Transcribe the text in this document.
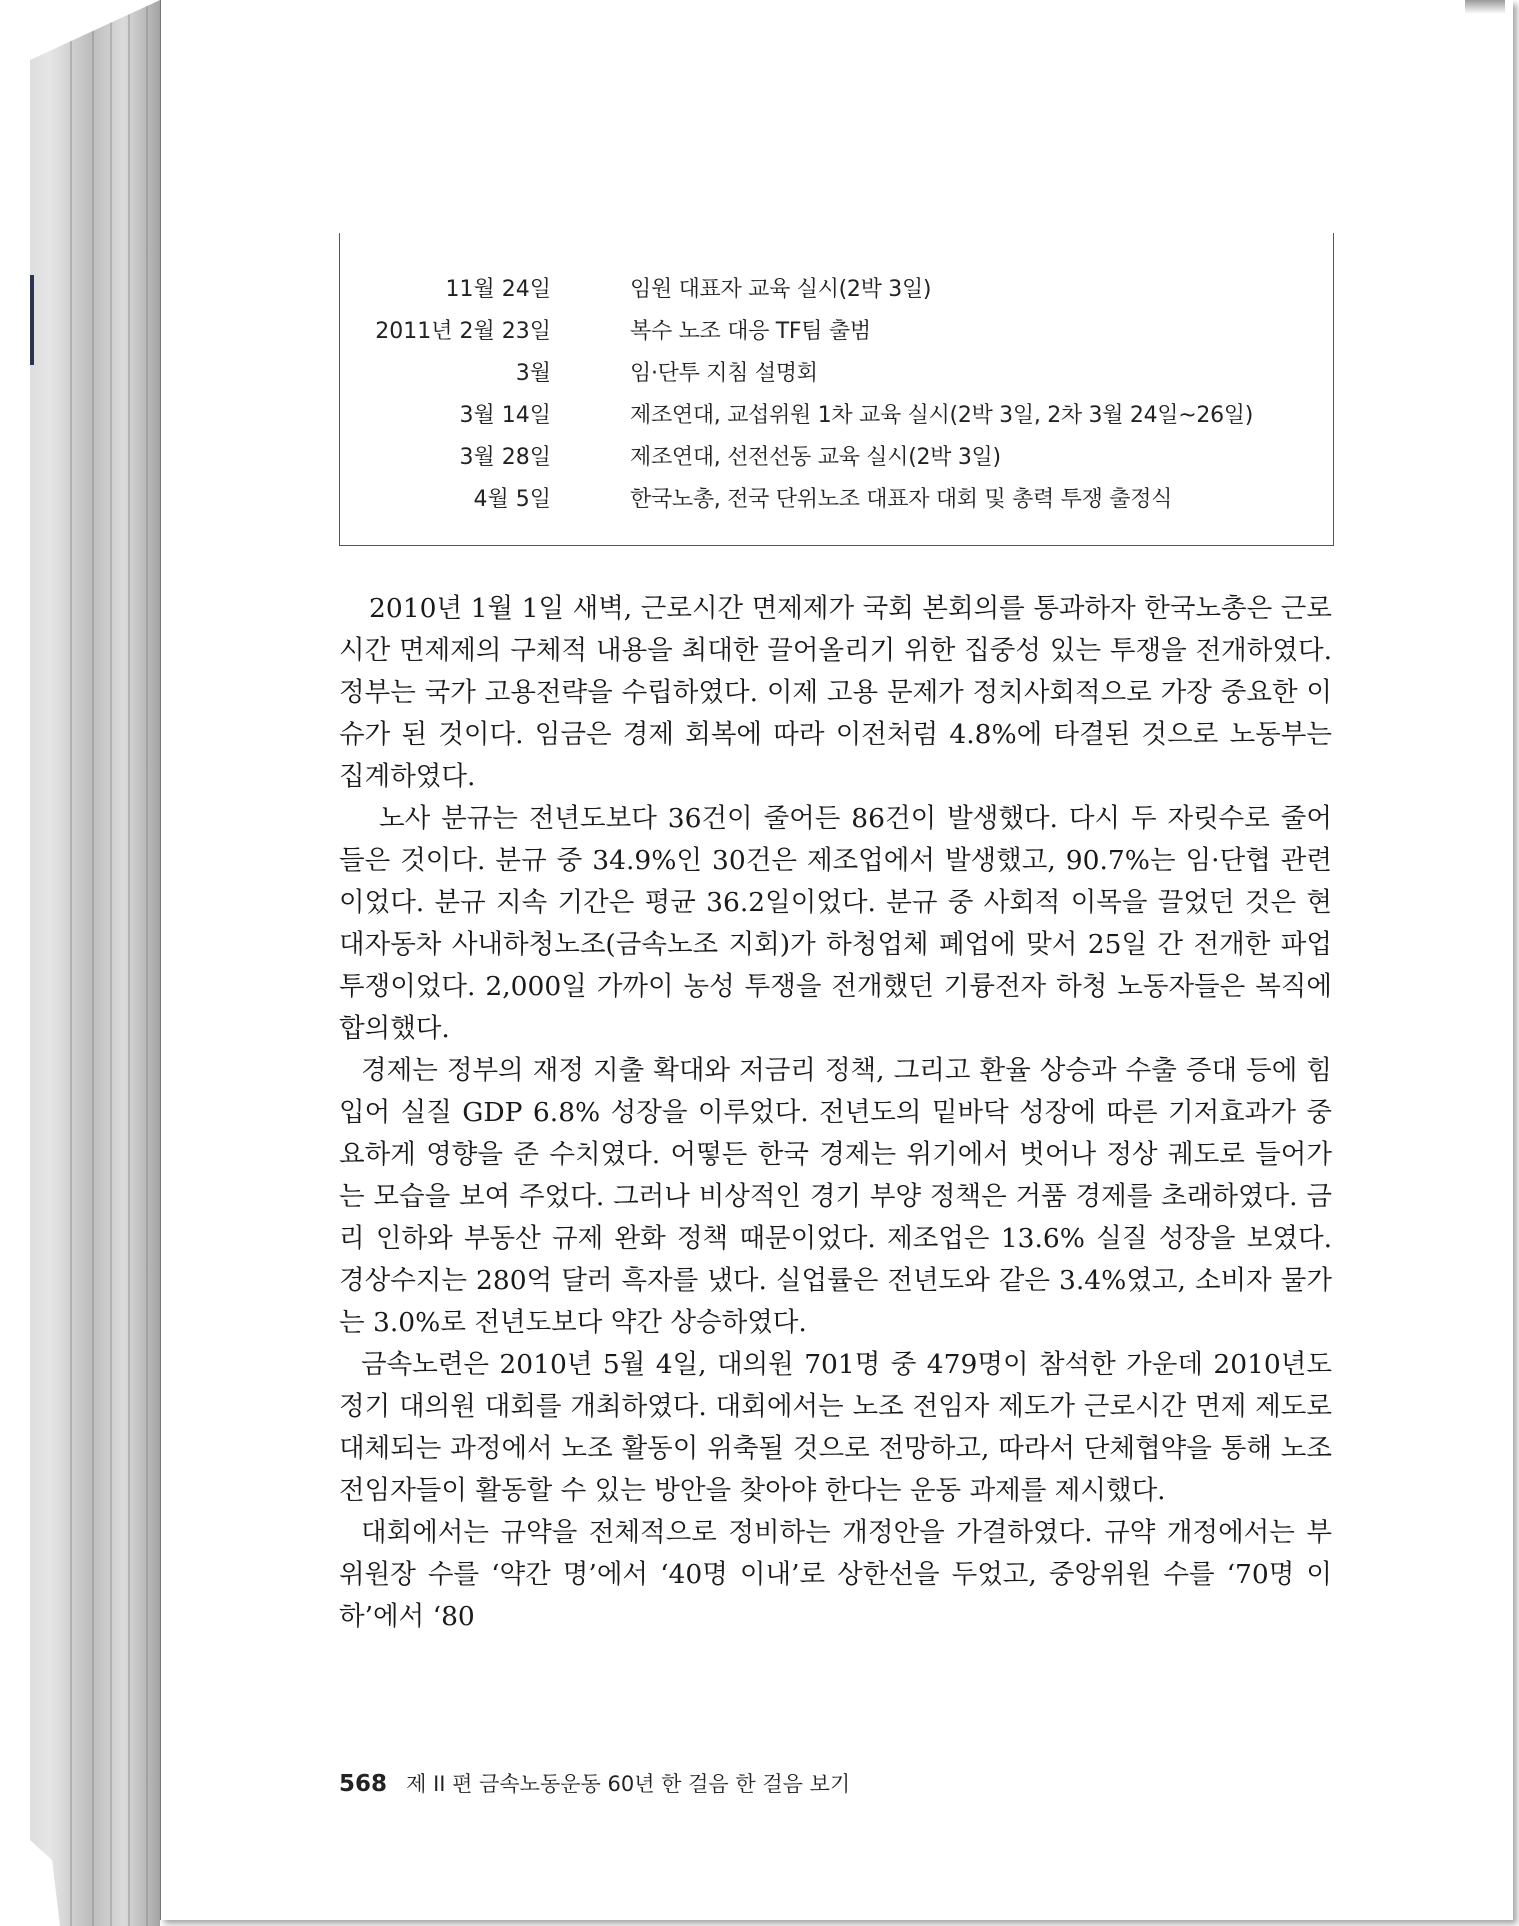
11월 24일	임원 대표자 교육 실시(2박 3일)
2011년 2월 23일	복수 노조 대응 TF팀 출범
3월	임·단투 지침 설명회
3월 14일	제조연대, 교섭위원 1차 교육 실시(2박 3일, 2차 3월 24일~26일)
3월 28일	제조연대, 선전선동 교육 실시(2박 3일)
4월 5일	한국노총, 전국 단위노조 대표자 대회 및 총력 투쟁 출정식

2010년 1월 1일 새벽, 근로시간 면제제가 국회 본회의를 통과하자 한국노총은 근로시간 면제제의 구체적 내용을 최대한 끌어올리기 위한 집중성 있는 투쟁을 전개하였다. 정부는 국가 고용전략을 수립하였다. 이제 고용 문제가 정치사회적으로 가장 중요한 이슈가 된 것이다. 임금은 경제 회복에 따라 이전처럼 4.8%에 타결된 것으로 노동부는 집계하였다.

노사 분규는 전년도보다 36건이 줄어든 86건이 발생했다. 다시 두 자릿수로 줄어들은 것이다. 분규 중 34.9%인 30건은 제조업에서 발생했고, 90.7%는 임·단협 관련이었다. 분규 지속 기간은 평균 36.2일이었다. 분규 중 사회적 이목을 끌었던 것은 현대자동차 사내하청노조(금속노조 지회)가 하청업체 폐업에 맞서 25일 간 전개한 파업 투쟁이었다. 2,000일 가까이 농성 투쟁을 전개했던 기륭전자 하청 노동자들은 복직에 합의했다.

경제는 정부의 재정 지출 확대와 저금리 정책, 그리고 환율 상승과 수출 증대 등에 힘입어 실질 GDP 6.8% 성장을 이루었다. 전년도의 밑바닥 성장에 따른 기저효과가 중요하게 영향을 준 수치였다. 어떻든 한국 경제는 위기에서 벗어나 정상 궤도로 들어가는 모습을 보여 주었다. 그러나 비상적인 경기 부양 정책은 거품 경제를 초래하였다. 금리 인하와 부동산 규제 완화 정책 때문이었다. 제조업은 13.6% 실질 성장을 보였다. 경상수지는 280억 달러 흑자를 냈다. 실업률은 전년도와 같은 3.4%였고, 소비자 물가는 3.0%로 전년도보다 약간 상승하였다.

금속노련은 2010년 5월 4일, 대의원 701명 중 479명이 참석한 가운데 2010년도 정기 대의원 대회를 개최하였다. 대회에서는 노조 전임자 제도가 근로시간 면제 제도로 대체되는 과정에서 노조 활동이 위축될 것으로 전망하고, 따라서 단체협약을 통해 노조 전임자들이 활동할 수 있는 방안을 찾아야 한다는 운동 과제를 제시했다.

대회에서는 규약을 전체적으로 정비하는 개정안을 가결하였다. 규약 개정에서는 부위원장 수를 ‘약간 명’에서 ‘40명 이내’로 상한선을 두었고, 중앙위원 수를 ‘70명 이하’에서 ‘80

568 제 II 편 금속노동운동 60년 한 걸음 한 걸음 보기
